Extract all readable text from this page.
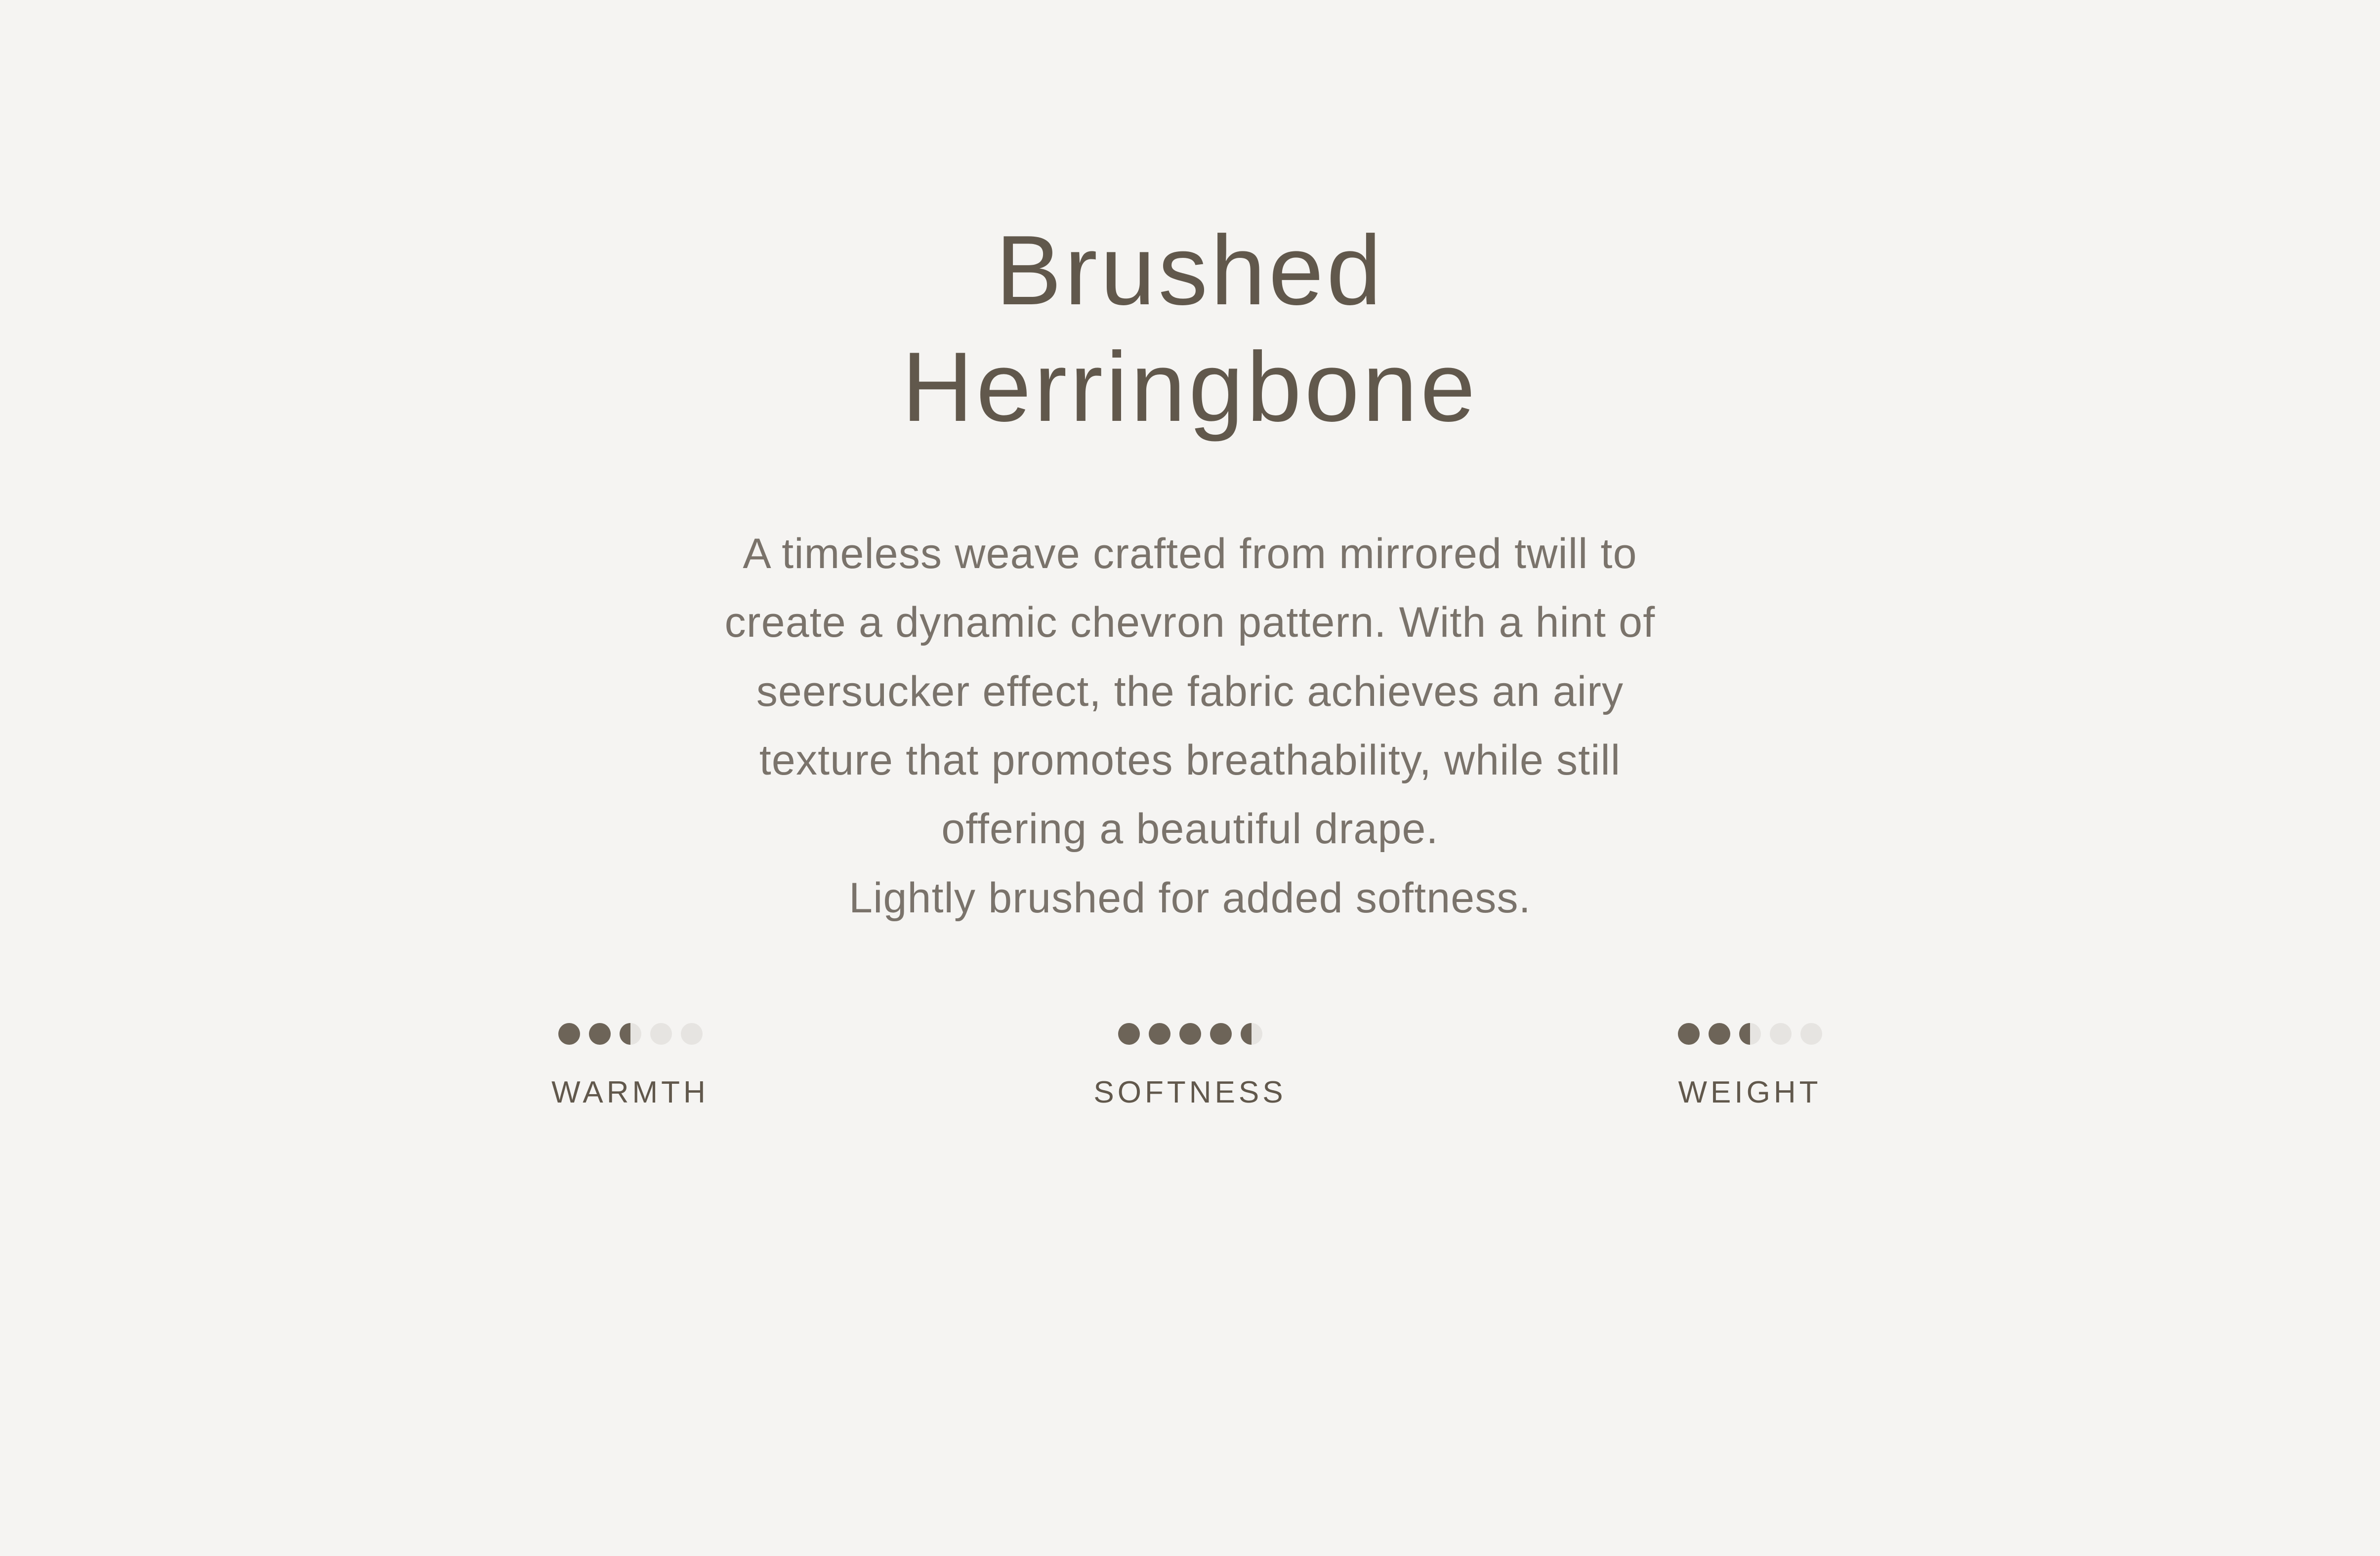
Brushed
Herringbone

A timeless weave crafted from mirrored twill to

create a dynamic chevron pattern. With a hint of

seersucker effect, the fabric achieves an airy

texture that promotes breathability, while still

offering a beautiful drape.

Lightly brushed for added softness.

WARMTH	SOFTNESS	WEIGHT
